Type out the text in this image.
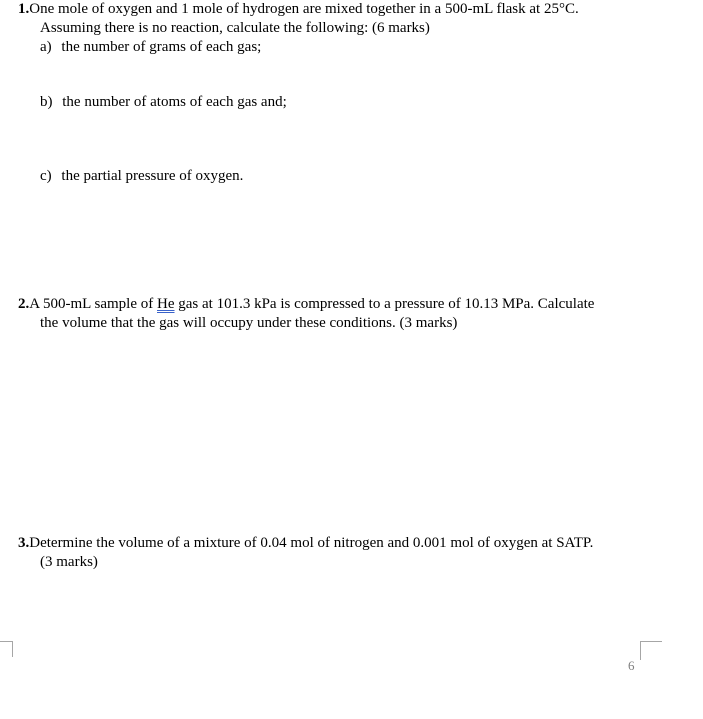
1.One mole of oxygen and 1 mole of hydrogen are mixed together in a 500-mL flask at 25°C.
Assuming there is no reaction, calculate the following: (6 marks)
a) the number of grams of each gas;
b) the number of atoms of each gas and;
c) the partial pressure of oxygen.
2.A 500-mL sample of He gas at 101.3 kPa is compressed to a pressure of 10.13 MPa. Calculate
the volume that the gas will occupy under these conditions. (3 marks)
3.Determine the volume of a mixture of 0.04 mol of nitrogen and 0.001 mol of oxygen at SATP.
(3 marks)
6
